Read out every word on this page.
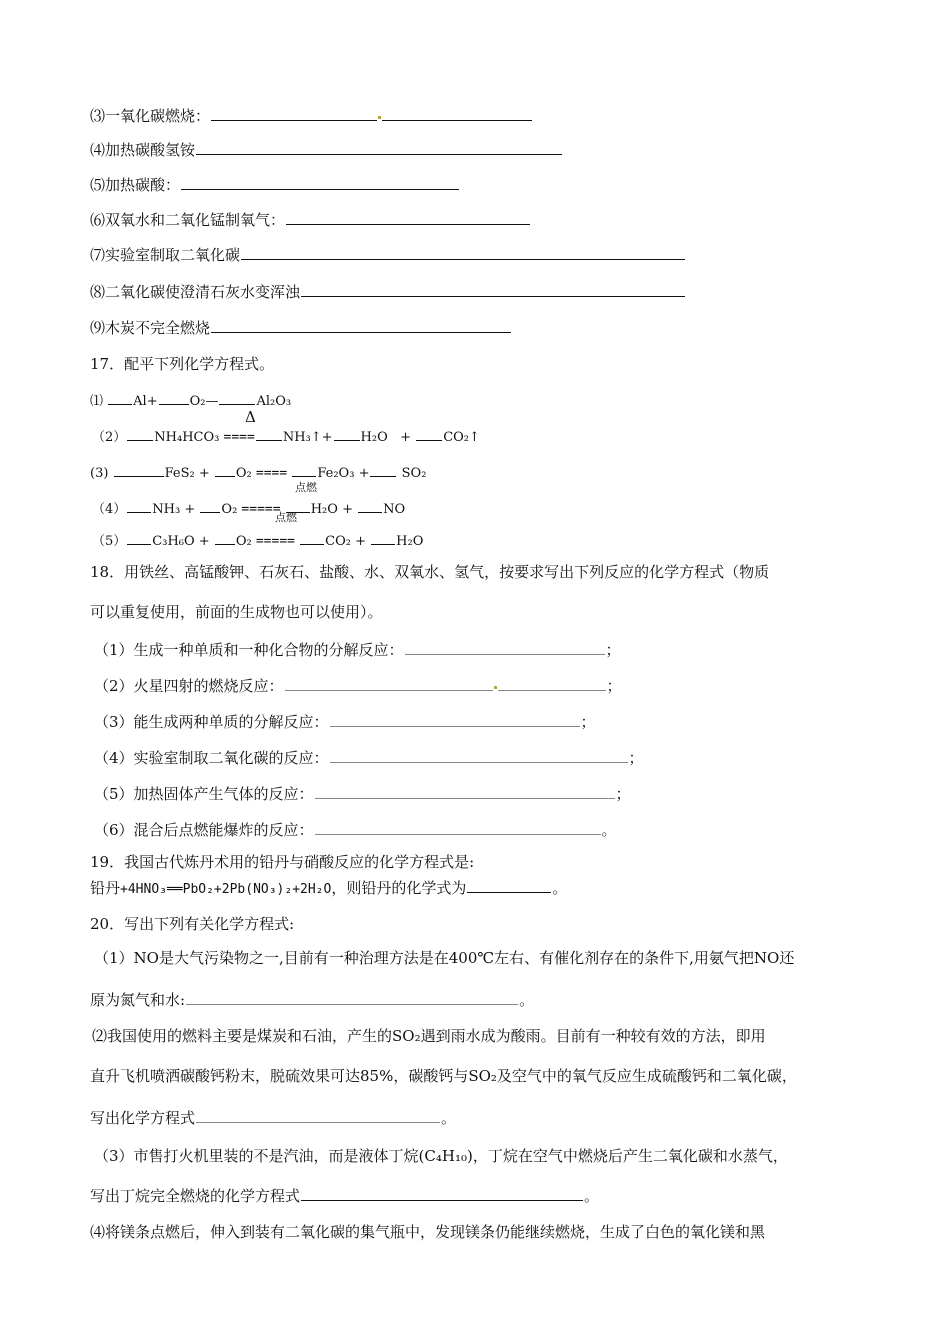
⑶一氧化碳燃烧：
⑷加热碳酸氢铵
⑸加热碳酸：
⑹双氧水和二氧化锰制氧气：
⑺实验室制取二氧化碳
⑻二氧化碳使澄清石灰水变浑浊
⑼木炭不完全燃烧
17．配平下列化学方程式。
⑴ Al+ O₂—	Al₂O₃
Δ
（2） NH₄HCO₃ ==== NH₃↑+ H₂O + CO₂↑
(3)	FeS₂ + O₂ ==== Fe₂O₃ + SO₂
点燃
（4） NH₃ + O₂ ===== H₂O + NO
点燃
（5） C₃H₆O + O₂ ===== CO₂ + H₂O
18．用铁丝、高锰酸钾、石灰石、盐酸、水、双氧水、氢气，按要求写出下列反应的化学方程式（物质
可以重复使用，前面的生成物也可以使用）。
（1）生成一种单质和一种化合物的分解反应：	；
（2）火星四射的燃烧反应：	；
（3）能生成两种单质的分解反应：	；
（4）实验室制取二氧化碳的反应：	；
（5）加热固体产生气体的反应：	；
（6）混合后点燃能爆炸的反应：	。
19．我国古代炼丹术用的铅丹与硝酸反应的化学方程式是:
铅丹+4HNO₃══PbO₂+2Pb(NO₃)₂+2H₂O，则铅丹的化学式为	。
20．写出下列有关化学方程式:
（1）NO是大气污染物之一,目前有一种治理方法是在400℃左右、有催化剂存在的条件下,用氨气把NO还
原为氮气和水:	。
⑵我国使用的燃料主要是煤炭和石油，产生的SO₂遇到雨水成为酸雨。目前有一种较有效的方法，即用
直升飞机喷洒碳酸钙粉末，脱硫效果可达85%，碳酸钙与SO₂及空气中的氧气反应生成硫酸钙和二氧化碳，
写出化学方程式	。
（3）市售打火机里装的不是汽油，而是液体丁烷(C₄H₁₀)，丁烷在空气中燃烧后产生二氧化碳和水蒸气，
写出丁烷完全燃烧的化学方程式	。
⑷将镁条点燃后，伸入到装有二氧化碳的集气瓶中，发现镁条仍能继续燃烧，生成了白色的氧化镁和黑
